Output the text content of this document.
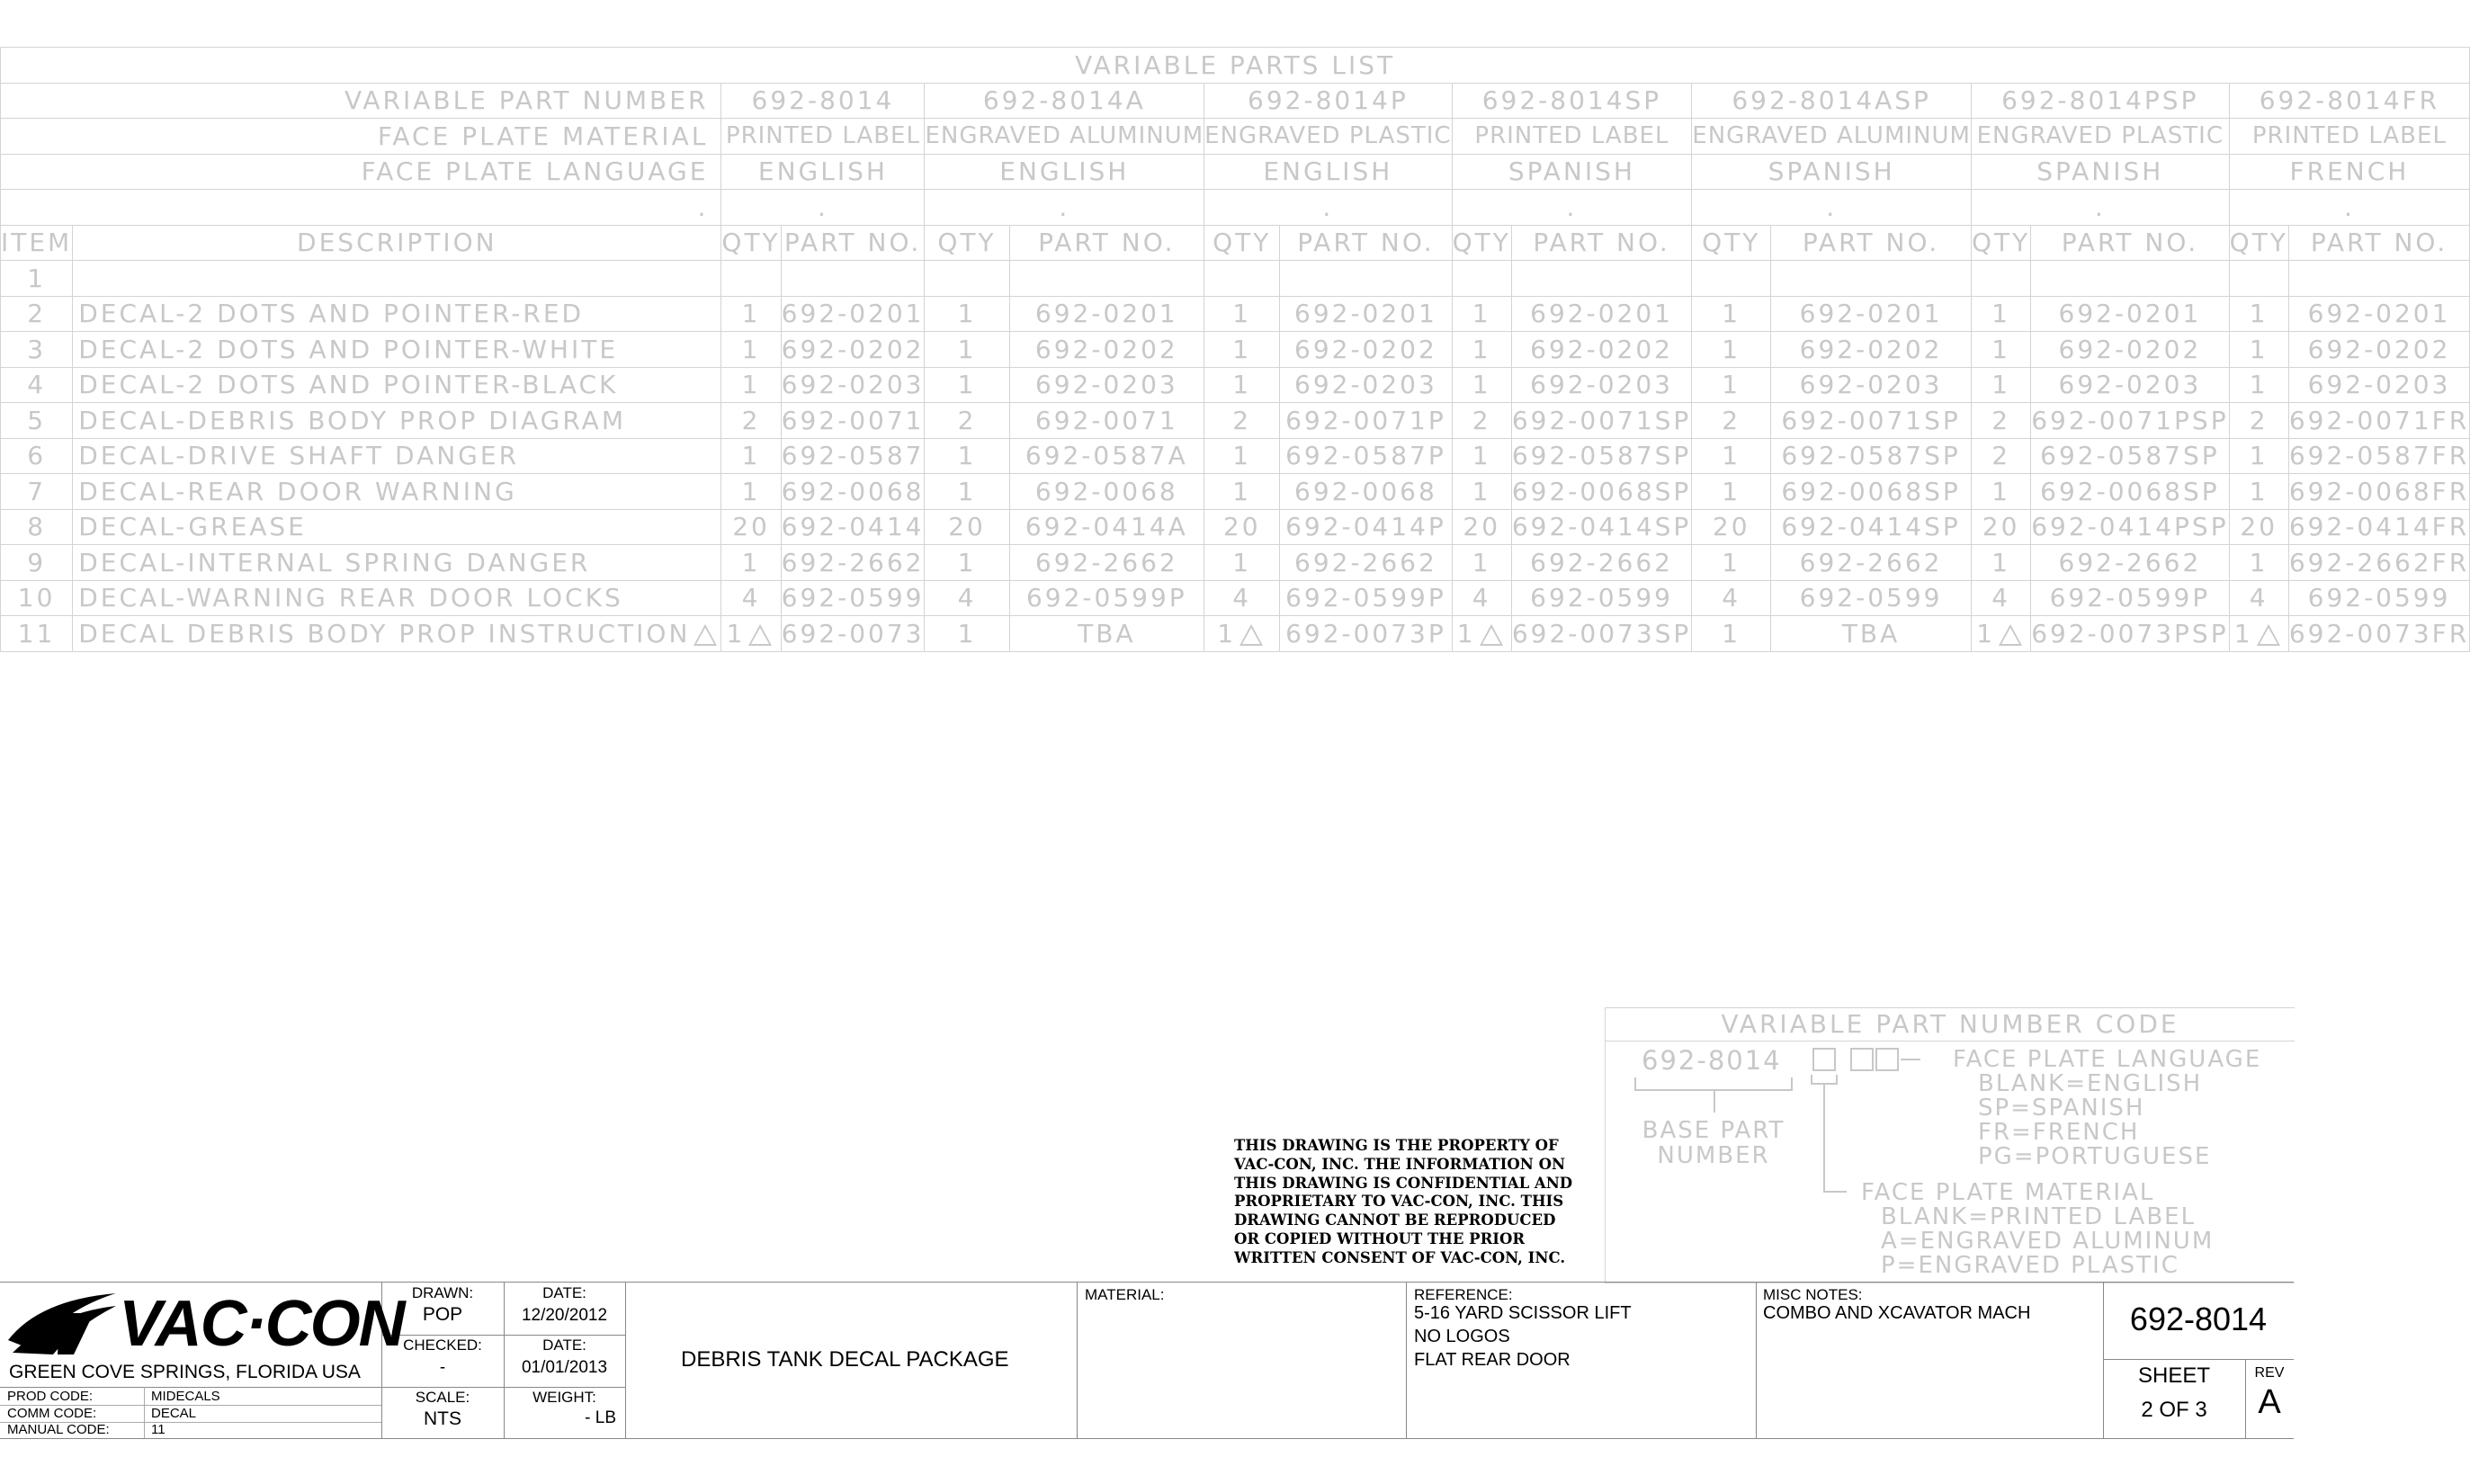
VARIABLE PARTS LIST															
VARIABLE PART NUMBER		692-8014		692-8014A		692-8014P		692-8014SP		692-8014ASP		692-8014PSP		692-8014FR	
FACE PLATE MATERIAL		PRINTED LABEL		ENGRAVED ALUMINUM		ENGRAVED PLASTIC		PRINTED LABEL		ENGRAVED ALUMINUM		ENGRAVED PLASTIC		PRINTED LABEL	
FACE PLATE LANGUAGE		ENGLISH		ENGLISH		ENGLISH		SPANISH		SPANISH		SPANISH		FRENCH	
.		.		.		.		.		.		.		.	
ITEM	DESCRIPTION	QTY	PART NO.	QTY	PART NO.	QTY	PART NO.	QTY	PART NO.	QTY	PART NO.	QTY	PART NO.	QTY	PART NO.
1															
2	DECAL-2 DOTS AND POINTER-RED	1	692-0201	1	692-0201	1	692-0201	1	692-0201	1	692-0201	1	692-0201	1	692-0201
3	DECAL-2 DOTS AND POINTER-WHITE	1	692-0202	1	692-0202	1	692-0202	1	692-0202	1	692-0202	1	692-0202	1	692-0202
4	DECAL-2 DOTS AND POINTER-BLACK	1	692-0203	1	692-0203	1	692-0203	1	692-0203	1	692-0203	1	692-0203	1	692-0203
5	DECAL-DEBRIS BODY PROP DIAGRAM	2	692-0071	2	692-0071	2	692-0071P	2	692-0071SP	2	692-0071SP	2	692-0071PSP	2	692-0071FR
6	DECAL-DRIVE SHAFT DANGER	1	692-0587	1	692-0587A	1	692-0587P	1	692-0587SP	1	692-0587SP	2	692-0587SP	1	692-0587FR
7	DECAL-REAR DOOR WARNING	1	692-0068	1	692-0068	1	692-0068	1	692-0068SP	1	692-0068SP	1	692-0068SP	1	692-0068FR
8	DECAL-GREASE	20	692-0414	20	692-0414A	20	692-0414P	20	692-0414SP	20	692-0414SP	20	692-0414PSP	20	692-0414FR
9	DECAL-INTERNAL SPRING DANGER	1	692-2662	1	692-2662	1	692-2662	1	692-2662	1	692-2662	1	692-2662	1	692-2662FR
10	DECAL-WARNING REAR DOOR LOCKS	4	692-0599	4	692-0599P	4	692-0599P	4	692-0599	4	692-0599	4	692-0599P	4	692-0599
11	DECAL DEBRIS BODY PROP INSTRUCTION	1	692-0073	1	TBA	1	692-0073P	1	692-0073SP	1	TBA	1	692-0073PSP	1	692-0073FR
VARIABLE PART NUMBER CODE
692-8014
BASE PART
NUMBER
FACE PLATE LANGUAGE
BLANK=ENGLISH
SP=SPANISH
FR=FRENCH
PG=PORTUGUESE
FACE PLATE MATERIAL
BLANK=PRINTED LABEL
A=ENGRAVED ALUMINUM
P=ENGRAVED PLASTIC
THIS DRAWING IS THE PROPERTY OF
VAC-CON, INC. THE INFORMATION ON
THIS DRAWING IS CONFIDENTIAL AND
PROPRIETARY TO VAC-CON, INC. THIS
DRAWING CANNOT BE REPRODUCED
OR COPIED WITHOUT THE PRIOR
WRITTEN CONSENT OF VAC-CON, INC.
VAC·CON
GREEN COVE SPRINGS, FLORIDA USA
PROD CODE:	MIDECALS
COMM CODE:	DECAL
MANUAL CODE:	11
DRAWN:
POP
DATE:
12/20/2012
CHECKED:
-
DATE:
01/01/2013
SCALE:
NTS
WEIGHT:
- LB
DEBRIS TANK DECAL PACKAGE
MATERIAL:	REFERENCE:
5-16 YARD SCISSOR LIFT
NO LOGOS
FLAT REAR DOOR
MISC NOTES:
COMBO AND XCAVATOR MACH	692-8014
SHEET
2 OF 3
REV
A
